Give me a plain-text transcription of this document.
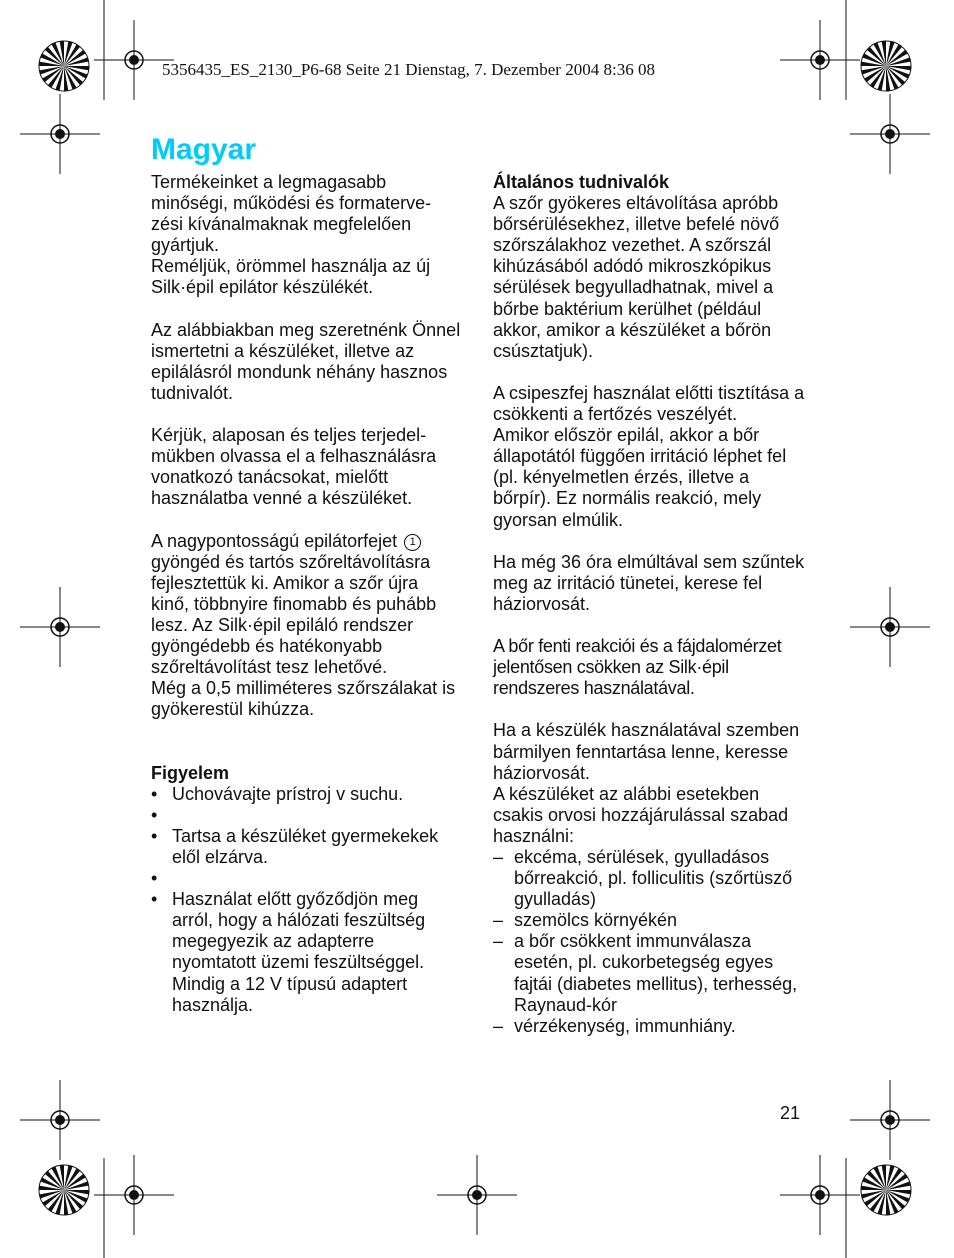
5356435_ES_2130_P6-68 Seite 21 Dienstag, 7. Dezember 2004 8:36 08
Magyar

Termékeinket a legmagasabb minőségi, működési és formaterve-zési kívánalmaknak megfelelően gyártjuk.

Reméljük, örömmel használja az új Silk·épil epilátor készülékét.

Az alábbiakban meg szeretnénk Önnel ismertetni a készüléket, illetve az epilálásról mondunk néhány hasznos tudnivalót.

Kérjük, alaposan és teljes terjedel-mükben olvassa el a felhasználásra vonatkozó tanácsokat, mielőtt használatba venné a készüléket.

A nagypontosságú epilátorfejet 1 gyöngéd és tartós szőreltávolításra fejlesztettük ki. Amikor a szőr újra kinő, többnyire finomabb és puhább lesz. Az Silk·épil epiláló rendszer gyöngédebb és hatékonyabb szőreltávolítást tesz lehetővé.

Még a 0,5 milliméteres szőrszálakat is gyökerestül kihúzza.

Figyelem

• Uchovávajte prístroj v suchu.
•
• Tartsa a készüléket gyermekekek elől elzárva.
•
• Használat előtt győződjön meg arról, hogy a hálózati feszültség megegyezik az adapterre nyomtatott üzemi feszültséggel. Mindig a 12 V típusú adaptert használja.

Általános tudnivalók

A szőr gyökeres eltávolítása apróbb bőrsérülésekhez, illetve befelé növő szőrszálakhoz vezethet. A szőrszál kihúzásából adódó mikroszkópikus sérülések begyulladhatnak, mivel a bőrbe baktérium kerülhet (például akkor, amikor a készüléket a bőrön csúsztatjuk).

A csipeszfej használat előtti tisztítása a csökkenti a fertőzés veszélyét.

Amikor először epilál, akkor a bőr állapotától függően irritáció léphet fel (pl. kényelmetlen érzés, illetve a bőrpír). Ez normális reakció, mely gyorsan elmúlik.

Ha még 36 óra elmúltával sem szűntek meg az irritáció tünetei, kerese fel háziorvosát.

A bőr fenti reakciói és a fájdalomérzet jelentősen csökken az Silk·épil rendszeres használatával.

Ha a készülék használatával szemben bármilyen fenntartása lenne, keresse háziorvosát.

A készüléket az alábbi esetekben csakis orvosi hozzájárulással szabad használni:

– ekcéma, sérülések, gyulladásos bőrreakció, pl. folliculitis (szőrtüsző gyulladás)
– szemölcs környékén
– a bőr csökkent immunválasza esetén, pl. cukorbetegség egyes fajtái (diabetes mellitus), terhesség, Raynaud-kór
– vérzékenység, immunhiány.
21
